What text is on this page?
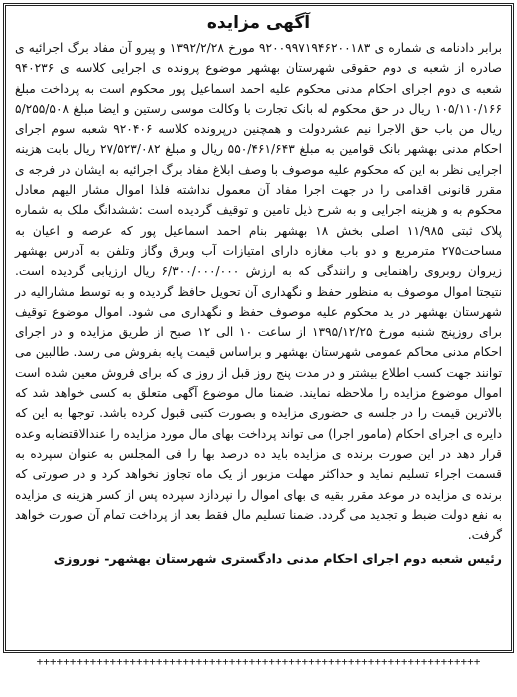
آگهی مزایده

برابر دادنامه ی شماره ی ۹۲۰۰۹۹۷۱۹۴۶۲۰۰۱۸۳ مورخ ۱۳۹۲/۲/۲۸ و پیرو آن مفاد برگ اجرائیه ی صادره از شعبه ی دوم حقوقی شهرستان بهشهر موضوع پرونده ی اجرایی کلاسه ی ۹۴۰۲۳۶ شعبه ی دوم اجرای احکام مدنی محکوم علیه احمد اسماعیل پور محکوم است به پرداخت مبلغ ۱۰۵/۱۱۰/۱۶۶ ریال در حق محکوم له بانک تجارت با وکالت موسی رستین و ایضا مبلغ ۵/۲۵۵/۵۰۸ ریال من باب حق الاجرا نیم عشردولت و همچنین درپرونده کلاسه ۹۲۰۴۰۶ شعبه سوم اجرای احکام مدنی بهشهر بانک قوامین به مبلغ ۵۵۰/۴۶۱/۶۴۳ ریال و مبلغ ۲۷/۵۲۳/۰۸۲ ریال بابت هزینه اجرایی نظر به این که محکوم علیه موصوف با وصف ابلاغ مفاد برگ اجرائیه به ایشان در فرجه ی مقرر قانونی اقدامی را در جهت اجرا مفاد آن معمول نداشته فلذا اموال مشار الیهم معادل محکوم به و هزینه اجرایی و به شرح ذیل تامین و توقیف گردیده است :ششدانگ ملک به شماره پلاک ثبتی ۱۱/۹۸۵ اصلی بخش ۱۸ بهشهر بنام احمد اسماعیل پور که عرصه و اعیان به مساحت۲۷۵ مترمربع و دو باب مغازه دارای امتیازات آب وبرق وگاز وتلفن به آدرس بهشهر زیروان روبروی راهنمایی و رانندگی که به ارزش ۶/۳۰۰/۰۰۰/۰۰۰ ریال ارزیابی گردیده است. نتیجتا اموال موصوف به منظور حفظ و نگهداری آن تحویل حافظ گردیده و به توسط مشارالیه در شهرستان بهشهر در ید محکوم علیه موصوف حفظ و نگهداری می شود. اموال موضوع توقیف برای روزپنج شنبه مورخ ۱۳۹۵/۱۲/۲۵ از ساعت ۱۰ الی ۱۲ صبح از طریق مزایده و در اجرای احکام مدنی محاکم عمومی شهرستان بهشهر و براساس قیمت پایه بفروش می رسد. طالبین می توانند جهت کسب اطلاع بیشتر و در مدت پنج روز قبل از روز ی که برای فروش معین شده است اموال موضوع مزایده را ملاحظه نمایند. ضمنا مال موضوع آگهی متعلق به کسی خواهد شد که بالاترین قیمت را در جلسه ی حضوری مزایده و بصورت کتبی قبول کرده باشد. توجها به این که دایره ی اجرای احکام (مامور اجرا) می تواند پرداخت بهای مال مورد مزایده را عندالاقتضابه وعده قرار دهد در این صورت برنده ی مزایده باید ده درصد بها را فی المجلس به عنوان سپرده به قسمت اجراء تسلیم نماید و حداکثر مهلت مزبور از یک ماه تجاوز نخواهد کرد و در صورتی که برنده ی مزایده در موعد مقرر بقیه ی بهای اموال را نپردازد سپرده پس از کسر هزینه ی مزایده به نفع دولت ضبط و تجدید می گردد. ضمنا تسلیم مال فقط بعد از پرداخت تمام آن صورت خواهد گرفت.

رئیس شعبه دوم اجرای احکام مدنی دادگستری شهرستان بهشهر- نوروزی
+++++++++++++++++++++++++++++++++++++++++++++++++++++++++++++++++++
